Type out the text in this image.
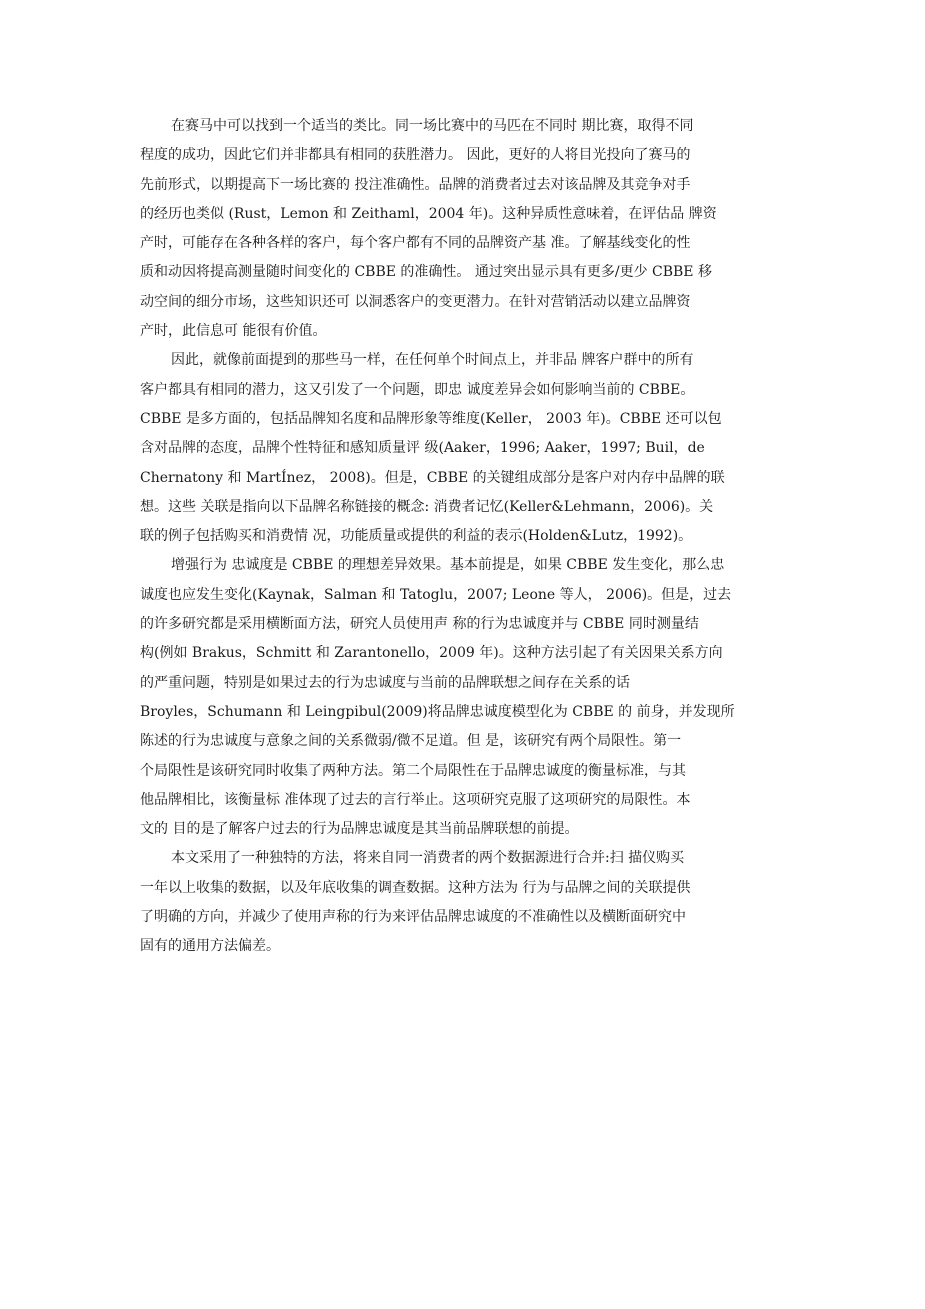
在赛马中可以找到一个适当的类比。同一场比赛中的马匹在不同时 期比赛，取得不同
程度的成功，因此它们并非都具有相同的获胜潜力。 因此，更好的人将目光投向了赛马的
先前形式，以期提高下一场比赛的 投注准确性。品牌的消费者过去对该品牌及其竞争对手
的经历也类似 (Rust，Lemon 和 Zeithaml，2004 年)。这种异质性意味着，在评估品 牌资
产时，可能存在各种各样的客户，每个客户都有不同的品牌资产基 准。了解基线变化的性
质和动因将提高测量随时间变化的 CBBE 的准确性。 通过突出显示具有更多/更少 CBBE 移
动空间的细分市场，这些知识还可 以洞悉客户的变更潜力。在针对营销活动以建立品牌资
产时，此信息可 能很有价值。
因此，就像前面提到的那些马一样，在任何单个时间点上，并非品 牌客户群中的所有
客户都具有相同的潜力，这又引发了一个问题，即忠 诚度差异会如何影响当前的 CBBE。
CBBE 是多方面的，包括品牌知名度和品牌形象等维度(Keller， 2003 年)。CBBE 还可以包
含对品牌的态度，品牌个性特征和感知质量评 级(Aaker，1996; Aaker，1997; Buil，de
Chernatony 和 MartÍnez， 2008)。但是，CBBE 的关键组成部分是客户对内存中品牌的联
想。这些 关联是指向以下品牌名称链接的概念: 消费者记忆(Keller&Lehmann，2006)。关
联的例子包括购买和消费情 况，功能质量或提供的利益的表示(Holden&Lutz，1992)。
增强行为 忠诚度是 CBBE 的理想差异效果。基本前提是，如果 CBBE 发生变化，那么忠
诚度也应发生变化(Kaynak，Salman 和 Tatoglu，2007; Leone 等人， 2006)。但是，过去
的许多研究都是采用横断面方法，研究人员使用声 称的行为忠诚度并与 CBBE 同时测量结
构(例如 Brakus，Schmitt 和 Zarantonello，2009 年)。这种方法引起了有关因果关系方向
的严重问题，特别是如果过去的行为忠诚度与当前的品牌联想之间存在关系的话
Broyles，Schumann 和 Leingpibul(2009)将品牌忠诚度模型化为 CBBE 的 前身，并发现所
陈述的行为忠诚度与意象之间的关系微弱/微不足道。但 是，该研究有两个局限性。第一
个局限性是该研究同时收集了两种方法。第二个局限性在于品牌忠诚度的衡量标准，与其
他品牌相比，该衡量标 准体现了过去的言行举止。这项研究克服了这项研究的局限性。本
文的 目的是了解客户过去的行为品牌忠诚度是其当前品牌联想的前提。
本文采用了一种独特的方法，将来自同一消费者的两个数据源进行合并:扫 描仪购买
一年以上收集的数据，以及年底收集的调查数据。这种方法为 行为与品牌之间的关联提供
了明确的方向，并减少了使用声称的行为来评估品牌忠诚度的不准确性以及横断面研究中
固有的通用方法偏差。
